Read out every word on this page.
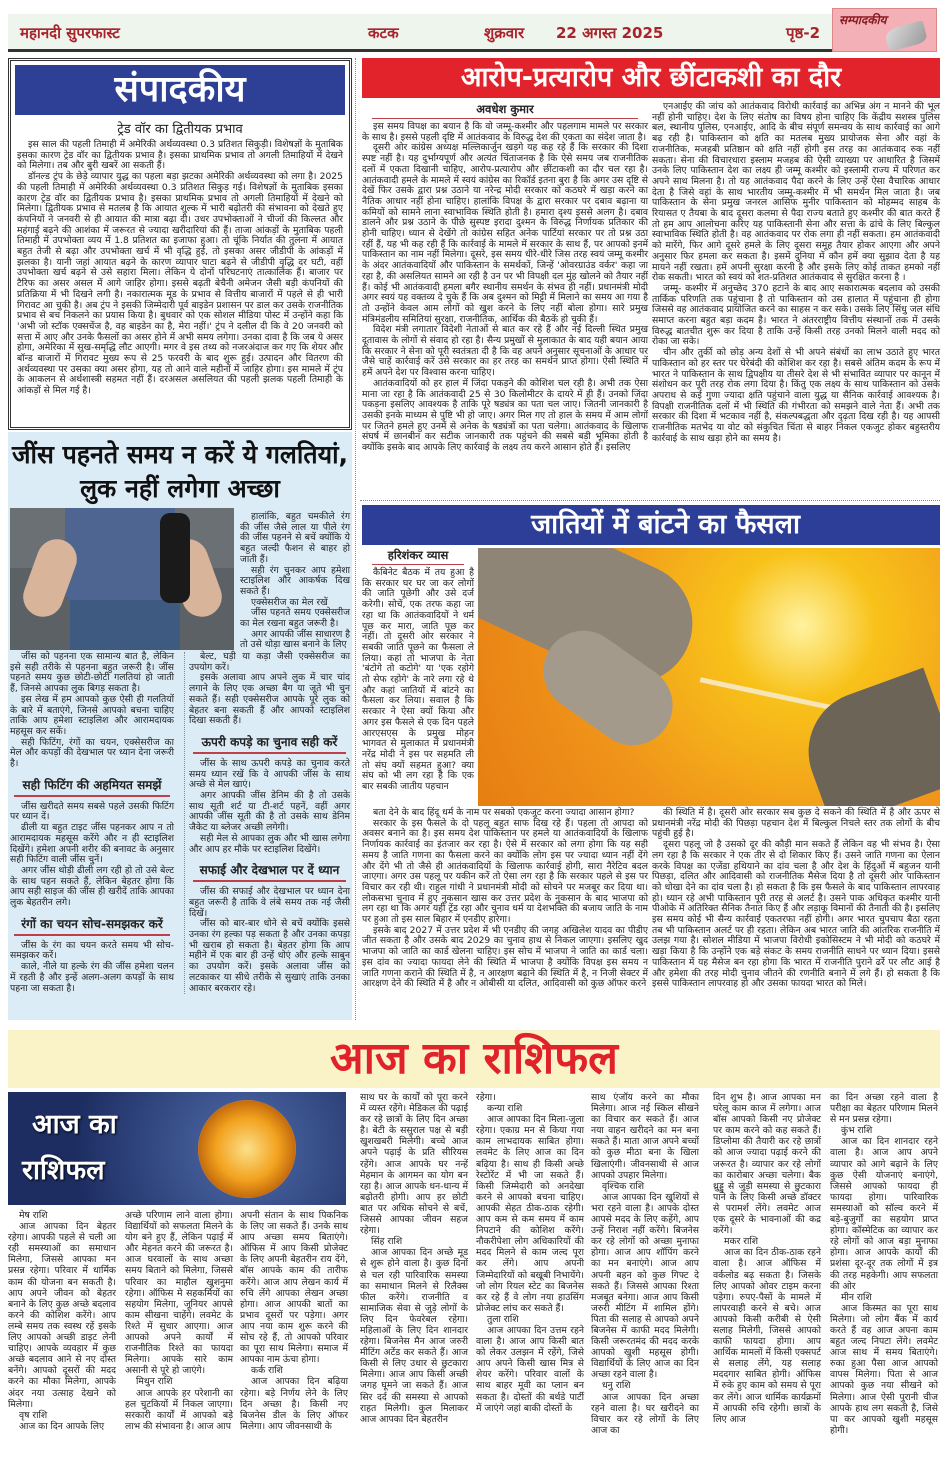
महानदी सुपरफास्ट	कटक	शुक्रवार 22 अगस्त 2025	पृष्ठ-2
सम्पादकीय
संपादकीय
ट्रेड वॉर का द्वितीयक प्रभाव

इस साल की पहली तिमाही में अमेरिकी अर्थव्यवस्था 0.3 प्रतिशत सिकुड़ी। विशेषज्ञों के मुताबिक इसका कारण ट्रेड वॉर का द्वितीयक प्रभाव है। इसका प्राथमिक प्रभाव तो अगली तिमाहियों में देखने को मिलेगा। तब और बुरी खबरें आ सकती हैं।

डॉनल्ड ट्रंप के छेड़े व्यापार युद्ध का पहला बड़ा झटका अमेरिकी अर्थव्यवस्था को लगा है। 2025 की पहली तिमाही में अमेरिकी अर्थव्यवस्था 0.3 प्रतिशत सिकुड़ गई। विशेषज्ञों के मुताबिक इसका कारण ट्रेड वॉर का द्वितीयक प्रभाव है। इसका प्राथमिक प्रभाव तो अगली तिमाहियों में देखने को मिलेगा। द्वितीयक प्रभाव से मतलब है कि आयात शुल्क में भारी बढ़ोतरी की संभावना को देखते हुए कंपनियों ने जनवरी से ही आयात की मात्रा बढ़ा दी। उधर उपभोक्ताओं ने चीजों की किल्लत और महंगाई बढ़ने की आशंका में जरूरत से ज्यादा खरीदारियां की हैं। ताजा आंकड़ों के मुताबिक पहली तिमाही में उपभोक्ता व्यय में 1.8 प्रतिशत का इजाफा हुआ। तो चूंकि निर्यात की तुलना में आयात बहुत तेजी से बढ़ा और उपभोक्ता खर्च में भी वृद्धि हुई, तो इसका असर जीडीपी के आंकड़ों में झलका है। यानी जहां आयात बढ़ने के कारण व्यापार घाटा बढ़ने से जीडीपी वृद्धि दर घटी, वहीं उपभोक्ता खर्च बढ़ने से उसे सहारा मिला। लेकिन ये दोनों परिघटनाएं तात्कालिक हैं। बाजार पर टैरिफ का असर असल में आगे जाहिर होगा। इससे बढ़ती बेचैनी अमेजन जैसी बड़ी कंपनियों की प्रतिक्रिया में भी दिखने लगी है। नकारात्मक मूड के प्रभाव से वित्तीय बाजारों में पहले से ही भारी गिरावट आ चुकी है। अब ट्रंप ने इसकी जिम्मेदारी पूर्व बाइडेन प्रशासन पर डाल कर उसके राजनीतिक प्रभाव से बच निकलने का प्रयास किया है। बुधवार को एक सोशल मीडिया पोस्ट में उन्होंने कहा कि 'अभी जो स्टॉक एक्सचेंज है, वह बाइडेन का है, मेरा नहीं।' ट्रंप ने दलील दी कि वे 20 जनवरी को सत्ता में आए और उनके फैसलों का असर होने में अभी समय लगेगा। उनका दावा है कि जब ये असर होगा, अमेरिका में सुख-समृद्धि लौट आएगी। मगर वे इस तथ्य को नजरअंदाज कर गए कि शेयर और बॉन्ड बाजारों में गिरावट मुख्य रूप से 25 फरवरी के बाद शुरू हुई। उत्पादन और वितरण की अर्थव्यवस्था पर उसका क्या असर होगा, यह तो आने वाले महीनों में जाहिर होगा। इस मामले में ट्रंप के आकलन से अर्थशास्त्री सहमत नहीं हैं। दरअसल असलियत की पहली झलक पहली तिमाही के आंकड़ों से मिल गई है।

जींस पहनते समय न करें ये गलतियां, लुक नहीं लगेगा अच्छा

हालांकि, बहुत चमकीले रंग की जींस जैसे लाल या पीले रंग की जींस पहनने से बचें क्योंकि ये बहुत जल्दी फैशन से बाहर हो जाती हैं।

सही रंग चुनकर आप हमेशा स्टाइलिश और आकर्षक दिख सकते हैं।

एक्सेसरीज का मेल रखें

जींस पहनते समय एक्सेसरीज का मेल रखना बहुत जरूरी है।

अगर आपकी जींस साधारण है तो उसे थोड़ा खास बनाने के लिए

जींस को पहनना एक सामान्य बात है, लेकिन इसे सही तरीके से पहनना बहुत जरूरी है। जींस पहनते समय कुछ छोटी-छोटी गलतियां हो जाती हैं, जिनसे आपका लुक बिगड़ सकता है।

इस लेख में हम आपको कुछ ऐसी ही गलतियों के बारे में बताएंगे, जिनसे आपको बचना चाहिए ताकि आप हमेशा स्टाइलिश और आरामदायक महसूस कर सकें।

सही फिटिंग, रंगों का चयन, एक्सेसरीज का मेल और कपड़ों की देखभाल पर ध्यान देना जरूरी है।

सही फिटिंग की अहमियत समझें

जींस खरीदते समय सबसे पहले उसकी फिटिंग पर ध्यान दें।

ढीली या बहुत टाइट जींस पहनकर आप न तो आरामदायक महसूस करेंगे और न ही स्टाइलिश दिखेंगे। हमेशा अपनी शरीर की बनावट के अनुसार सही फिटिंग वाली जींस चुनें।

अगर जींस थोड़ी ढीली लग रही हो तो उसे बेल्ट के साथ पहन सकते हैं, लेकिन बेहतर होगा कि आप सही साइज की जींस ही खरीदें ताकि आपका लुक बेहतरीन लगे।

रंगों का चयन सोच-समझकर करें

जींस के रंग का चयन करते समय भी सोच-समझकर करें।

काले, नीले या हल्के रंग की जींस हमेशा चलन में रहती है और इन्हें अलग-अलग कपड़ों के साथ पहना जा सकता है।

बेल्ट, घड़ी या कड़ा जैसी एक्सेसरीज का उपयोग करें।

इसके अलावा आप अपने लुक में चार चांद लगाने के लिए एक अच्छा बैग या जूते भी चुन सकते हैं। सही एक्सेसरीज आपके पूरे लुक को बेहतर बना सकती हैं और आपको स्टाइलिश दिखा सकती हैं।

ऊपरी कपड़े का चुनाव सही करें

जींस के साथ ऊपरी कपड़े का चुनाव करते समय ध्यान रखें कि वे आपकी जींस के साथ अच्छे से मेल खाएं।

अगर आपकी जींस डेनिम की है तो उसके साथ सूती शर्ट या टी-शर्ट पहनें, वहीं अगर आपकी जींस सूती की है तो उसके साथ डेनिम जैकेट या ब्लेजर अच्छी लगेगी।

सही मेल से आपका लुक और भी खास लगेगा और आप हर मौके पर स्टाइलिश दिखेंगे।

सफाई और देखभाल पर दें ध्यान

जींस की सफाई और देखभाल पर ध्यान देना बहुत जरूरी है ताकि वे लंबे समय तक नई जैसी दिखें।

जींस को बार-बार धोने से बचें क्योंकि इससे उनका रंग हल्का पड़ सकता है और उनका कपड़ा भी खराब हो सकता है। बेहतर होगा कि आप महीने में एक बार ही उन्हें धोएं और हल्के साबुन का उपयोग करें। इसके अलावा जींस को लटकाकर या सीधे तरीके से सुखाएं ताकि उनका आकार बरकरार रहे।

आरोप-प्रत्यारोप और छींटाकशी का दौर
अवधेश कुमार

इस समय विपक्ष का बयान है कि वो जम्मू-कश्मीर और पहलगाम मामले पर सरकार के साथ है। इससे पहली दृष्टि में आतंकवाद के विरुद्ध देश की एकता का संदेश जाता है।

दूसरी ओर कांग्रेस अध्यक्ष मल्लिकार्जुन खड़गे यह कह रहे हैं कि सरकार की दिशा स्पष्ट नहीं है। यह दुर्भाग्यपूर्ण और अत्यंत चिंताजनक है कि ऐसे समय जब राजनीतिक दलों में एकता दिखानी चाहिए, आरोप-प्रत्यारोप और छींटाकशी का दौर चल रहा है। आतंकवादी हमले के मामले में स्वयं कांग्रेस का रिकॉर्ड इतना बुरा है कि अगर उस दृष्टि से देखें फिर उसके द्वारा प्रश्न उठाने या नरेन्द्र मोदी सरकार को कठघरे में खड़ा करने का नैतिक आधार नहीं होना चाहिए। हालांकि विपक्ष के द्वारा सरकार पर दबाव बढ़ाना या कमियों को सामने लाना स्वाभाविक स्थिति होती है। हमारा दृश्य इससे अलग है। दबाव डालने और प्रश्न उठाने के पीछे सुस्पष्ट इरादा दुश्मन के विरुद्ध निर्णायक प्रतिकार की होनी चाहिए। ध्यान से देखेंगे तो कांग्रेस सहित अनेक पार्टियां सरकार पर तो प्रश्न उठा रहीं हैं, यह भी कह रही हैं कि कार्रवाई के मामले में सरकार के साथ हैं, पर आपको इनमें पाकिस्तान का नाम नहीं मिलेगा। दूसरे, इस समय धीरे-धीरे जिस तरह स्वयं जम्मू कश्मीर के अंदर आतंकवादियों और पाकिस्तान के समर्थकों, जिन्हें 'ओवरग्राउंड वर्कर' कहा जा रहा है, की असलियत सामने आ रही है उन पर भी विपक्षी दल मुंह खोलने को तैयार नहीं हैं। कोई भी आतंकवादी हमला बगैर स्थानीय समर्थन के संभव ही नहीं। प्रधानमंत्री मोदी अगर स्वयं यह वक्तव्य दे चुके हैं कि अब दुश्मन को मिट्टी में मिलाने का समय आ गया है तो उन्होंने केवल आम लोगों को खुश करने के लिए नहीं बोला होगा। सारे प्रमुख मंत्रिमंडलीय समितियां सुरक्षा, राजनीतिक, आर्थिक की बैठकें हो चुकी हैं।

विदेश मंत्री लगातार विदेशी नेताओं से बात कर रहे हैं और नई दिल्ली स्थित प्रमुख दूतावास के लोगों से संवाद हो रहा है। सैन्य प्रमुखों से मुलाकात के बाद यही बयान आया कि सरकार ने सेना को पूरी स्वतंत्रता दी है कि वह अपने अनुसार सूचनाओं के आधार पर जैसे चाहें कार्रवाई करें उसे सरकार का हर तरह का समर्थन प्राप्त होगा। ऐसी स्थिति में हमें अपने देश पर विश्वास करना चाहिए।

आतंकवादियों को हर हाल में जिंदा पकड़ने की कोशिश चल रही है। अभी तक ऐसा माना जा रहा है कि आतंकवादी 25 से 30 किलोमीटर के दायरे में ही हैं। उनको जिंदा पकड़ना इसलिए आवश्यक है ताकि पूरे षड्यंत्र का पता चल जाए। जितनी जानकारी है उसकी इनके माध्यम से पुष्टि भी हो जाए। अगर मिल गए तो हाल के समय में आम लोगों पर जितने हमले हुए उनमें से अनेक के षड्यंत्रों का पता चलेगा। आतंकवाद के खिलाफ संघर्ष में छानबीन कर सटीक जानकारी तक पहुंचने की सबसे बड़ी भूमिका होती है क्योंकि इसके बाद आपके लिए कार्रवाई के लक्ष्य तय करने आसान होते हैं। इसलिए

एनआईए की जांच को आतंकवाद विरोधी कार्रवाई का अभिन्न अंग न मानने की भूल नहीं होनी चाहिए। देश के लिए संतोष का विषय होना चाहिए कि केंद्रीय सशस्त्र पुलिस बल, स्थानीय पुलिस, एनआईए, आदि के बीच संपूर्ण समन्वय के साथ कार्रवाई का आगे बढ़ रही है। पाकिस्तान को क्षति का मतलब मुख्य प्रायोजक सेना और वहां के राजनीतिक, मजहबी प्रतिष्ठान को क्षति नहीं होगी इस तरह का आतंकवाद रुक नहीं सकता। सेना की विचारधारा इस्लाम मजहब की ऐसी व्याख्या पर आधारित है जिसमें उनके लिए पाकिस्तान देश का लक्ष्य ही जम्मू कश्मीर को इस्लामी राज्य में परिणत कर अपने साथ मिलना है। तो यह आतंकवाद पैदा करने के लिए उन्हें ऐसा वैचारिक आधार देता है जिसे वहां के साथ भारतीय जम्मू-कश्मीर में भी समर्थन मिल जाता है। जब पाकिस्तान के सेना प्रमुख जनरल आसिफ मुनीर पाकिस्तान को मोहम्मद साहब के रियासत ए तैयबा के बाद दूसरा कलमा से पैदा राज्य बताते हुए कश्मीर की बात करते हैं तो हम आप आलोचना करिए यह पाकिस्तानी सेना और सत्ता के ढांचे के लिए बिल्कुल स्वाभाविक स्थिति होती है। वह आतंकवाद पर रोक लगा ही नहीं सकता। हम आतंकवादी को मारेंगे, फिर आगे दूसरे हमले के लिए दूसरा समूह तैयार होकर आएगा और अपने अनुसार फिर हमला कर सकता है। इसमें दुनिया में कौन हमें क्या सुझाव देता है यह मायने नहीं रखता। हमें अपनी सुरक्षा करनी है और इसके लिए कोई ताकत हमको नहीं रोक सकती। भारत को स्वयं को शत-प्रतिशत आतंकवाद से सुरक्षित करना है ।

जम्मू- कश्मीर में अनुच्छेद 370 हटाने के बाद आए सकारात्मक बदलाव को उसकी तार्किक परिणति तक पहुंचाना है तो पाकिस्तान को उस हालात में पहुंचाना ही होगा जिससे वह आतंकवाद प्रायोजित करने का साहस न कर सके। उसके लिए सिंधु जल संधि समाप्त करना बहुत बड़ा कदम है। भारत ने अंतरराष्ट्रीय वित्तीय संस्थानों तक में उसके विरुद्ध बातचीत शुरू कर दिया है ताकि उन्हें किसी तरह उनको मिलने वाली मदद को रोका जा सके।

चीन और तुर्की को छोड़ अन्य देशों से भी अपने संबंधों का लाभ उठाते हुए भारत पाकिस्तान को हर स्तर पर घेरेबंदी की कोशिश कर रहा है। सबसे अंतिम कदम के रूप में भारत ने पाकिस्तान के साथ द्विपक्षीय या तीसरे देश से भी संभावित व्यापार पर कानून में संशोधन कर पूरी तरह रोक लगा दिया है। किंतु एक लक्ष्य के साथ पाकिस्तान को उसके अपराध से कई गुणा ज्यादा क्षति पहुंचाने वाला युद्ध या सैनिक कार्रवाई आवश्यक है। विपक्षी राजनीतिक दलों में भी स्थिति की गंभीरता को समझने वाले नेता हैं। अभी तक सरकार की दिशा में भटकाव नहीं है, संकल्पबद्धता और दृढ़ता दिख रही है। यह आपसी राजनीतिक मतभेद या वोट को संकुचित चिंता से बाहर निकल एकजुट होकर बहुस्तरीय कार्रवाई के साथ खड़ा होने का समय है।

जातियों में बांटने का फैसला
हरिशंकर व्यास

कैबिनेट बैठक में तय हुआ है कि सरकार घर घर जा कर लोगों की जाति पूछेगी और उसे दर्ज करेगी। सोचें, एक तरफ कहा जा रहा था कि आतंकवादियों ने धर्म पूछ कर मारा, जाति पूछ कर नहीं। तो दूसरी ओर सरकार ने सबकी जाति पूछने का फैसला ले लिया। कहां तो भाजपा के नेता 'बंटोगे तो कटोगे' या 'एक रहोगे तो सेफ रहोगे' के नारे लगा रहे थे और कहां जातियों में बांटने का फैसला कर लिया। सवाल है कि सरकार ने ऐसा क्यों किया और अगर इस फैसले से एक दिन पहले आरएसएस के प्रमुख मोहन भागवत से मुलाकात में प्रधानमंत्री नरेंद्र मोदी ने इस पर सहमति ली तो संघ क्यों सहमत हुआ? क्या संघ को भी लग रहा है कि एक बार सबकी जातीय पहचान

बता देने के बाद हिंदू धर्म के नाम पर सबको एकजुट करना ज्यादा आसान होगा?

सरकार के इस फैसले के दो पहलू बहुत साफ दिख रहे हैं। पहला तो आपदा को अवसर बनाने का है। इस समय देश पाकिस्तान पर हमले या आतंकवादियों के खिलाफ निर्णायक कार्रवाई का इंतजार कर रहा है। ऐसे में सरकार को लगा होगा कि यह सही समय है जाति गणना का फैसला करने का क्योंकि लोग इस पर ज्यादा ध्यान नहीं देंगे और देंगे भी तो जैसे ही आतंकवादियों के खिलाफ कार्रवाई होगी, सारा नैरेटिव बदल जाएगा। अगर उस पहलू पर यकीन करें तो ऐसा लग रहा है कि सरकार पहले से इस पर विचार कर रही थी। राहुल गांधी ने प्रधानमंत्री मोदी को सोचने पर मजबूर कर दिया था। लोकसभा चुनाव में हुए नुकसान खास कर उत्तर प्रदेश के नुकसान के बाद भाजपा को लग रहा था कि अगर यही ट्रेंड रहा और चुनाव धर्म या देशभक्ति की बजाय जाति के नाम पर हुआ तो इस साल बिहार में एनडीए हारेगा।

इसके बाद 2027 में उत्तर प्रदेश में भी एनडीए की जगह अखिलेश यादव का पीडीए जीत सकता है और उसके बाद 2029 का चुनाव हाथ से निकल जाएगा। इसलिए खुद भाजपा को जाति का कार्ड खेलना चाहिए। इस सोच में भाजपा ने जाति का कार्ड चला। इस दांव का ज्यादा फायदा लेने की स्थिति में भाजपा है क्योंकि विपक्ष इस समय न जाति गणना कराने की स्थिति में है, न आरक्षण बढ़ाने की स्थिति में है, न निजी सेक्टर में आरक्षण देने की स्थिति में है और न ओबीसी या दलित, आदिवासी को कुछ ऑफर करने

की स्थिति में है। दूसरी ओर सरकार सब कुछ दे सकने की स्थिति में है और ऊपर से प्रधानमंत्री नरेंद्र मोदी की पिछड़ा पहचान देश में बिल्कुल निचले स्तर तक लोगों के बीच पहुंची हुई है।

दूसरा पहलू जो है उसको दूर की कौड़ी मान सकते हैं लेकिन वह भी संभव है। ऐसा लग रहा है कि सरकार ने एक तीर से दो शिकार किए हैं। उसने जाति गणना का ऐलान करके विपक्ष का एजेंडा हथियाने का दांव चला है और देश के हिंदुओं में बहुजन यानी पिछड़ा, दलित और आदिवासी को राजनीतिक मैसेज दिया है तो दूसरी ओर पाकिस्तान को धोखा देने का दांव चला है। हो सकता है कि इस फैसले के बाद पाकिस्तान लापरवाह हो। ध्यान रहे अभी पाकिस्तान पूरी तरह से अलर्ट है। उसने पाक अधिकृत कश्मीर यानी पीओके में अतिरिक्त सैनिक तैनात किए हैं और लड़ाकू विमानों की तैनाती की है। इसलिए इस समय कोई भी सैन्य कार्रवाई एकतरफा नहीं होगी। अगर भारत चुपचाप बैठा रहता तब भी पाकिस्तान अलर्ट पर ही रहता। लेकिन अब भारत जाति की आंतरिक राजनीति में उलझ गया है। सोशल मीडिया में भाजपा विरोधी इकोसिस्टम ने भी मोदी को कठघरे में खड़ा किया है कि उन्होंने एक बड़े संकट के समय राजनीति साधने पर ध्यान दिया। इससे पाकिस्तान में यह मैसेज बन रहा होगा कि भारत में राजनीति पुराने ढर्रे पर लौट आई है और हमेशा की तरह मोदी चुनाव जीतने की रणनीति बनाने में लगे हैं। हो सकता है कि इससे पाकिस्तान लापरवाह हो और उसका फायदा भारत को मिले।

आज का राशिफल
आज का
राशिफल
मेष राशि

आज आपका दिन बेहतर रहेगा। आपकी पहले से चली आ रही समस्याओं का समाधान मिलेगा, जिससे आपका मन प्रसन्न रहेगा। परिवार में धार्मिक काम की योजना बन सकती है। आप अपने जीवन को बेहतर बनाने के लिए कुछ अच्छे बदलाव करने की कोशिश करेंगे। आप लम्बे समय तक स्वस्थ रहें इसके लिए आपको अच्छी डाइट लेनी चाहिए। आपके व्यवहार में कुछ अच्छे बदलाव आने से नए दोस्त बनेंगे। आपको दूसरों की मदद करने का मौका मिलेगा, आपके अंदर नया उत्साह देखने को मिलेगा।

वृष राशि

आज का दिन आपके लिए

अच्छे परिणाम लाने वाला होगा। विद्यार्थियों को सफलता मिलने के योग बने हुए हैं, लेकिन पढ़ाई में और मेहनत करने की जरूरत है। आज घरवालों के साथ अच्छा समय बिताने को मिलेगा, जिससे परिवार का माहौल खुशनुमा रहेगा। ऑफिस मे सहकर्मियों का सहयोग मिलेगा, जूनियर आपसे काम सीखना चाहेंगे। लवमेट के रिश्ते में सुधार आएगा। आज आपको अपने कार्यों में राजनीतिक रिश्ते का फायदा मिलेगा। आपके सारे काम असानी से पूरे हो जाएंगे।

मिथुन राशि

आज आपके हर परेशानी का हल चुटकियों में निकल जाएगा। सरकारी कार्यों में आपको बड़े लाभ की संभावना है। आज आप

अपनी संतान के साथ पिकनिक के लिए जा सकते हैं। उनके साथ आप अच्छा समय बिताएंगे। ऑफिस में आप किसी प्रोजेक्ट के लिए अपनी बेहतरीन राय देंगे, बॉस आपके काम की तारीफ करेंगे। आज आप लेखन कार्य में रुचि लेंगे आपका लेखन अच्छा होगा। आज आपकी बातों का प्रभाव दूसरों पर पड़ेगा। अगर आप नया काम शुरू करने की सोच रहे हैं, तो आपको परिवार का पूरा साथ मिलेगा। समाज में आपका नाम ऊंचा होगा।

कर्क राशि

आज आपका दिन बढ़िया रहेगा। बड़े निर्णय लेने के लिए दिन अच्छा है। किसी नए बिजनेस डील के लिए ऑफर मिलेगा। आप जीवनसाथी के

साथ घर के कार्यों को पूरा करने में व्यस्त रहेंगे। मेडिकल की पढ़ाई कर रहे छात्रों के लिए दिन अच्छा है। बेटी के ससुराल पक्ष से बड़ी खुशखबरी मिलेगी। बच्चे आज अपने पढ़ाई के प्रति सीरियस रहेंगे। आज आपके घर नन्हें मेहमान के आगमन का योग बन रहा है। आज आपके धन-धान्य में बढ़ोतरी होगी। आप हर छोटी बात पर अधिक सोचने से बचें, जिससे आपका जीवन सहज रहेगा।

सिंह राशि

आज आपका दिन अच्छे मूड से शुरू होने वाला है। कुछ दिनों से चल रही पारिवारिक समस्या का समाधान मिलने से रिलैक्स फील करेंगे। राजनीति व सामाजिक सेवा से जुड़े लोगों के लिए दिन फेवरेबल रहेगा। महिलाओं के लिए दिन शानदार रहेगा। बिजनेस मैन आज जरुरी मीटिंग अटेंड कर सकते हैं। आज किसी से लिए उधार से छुटकारा मिलेगा। आज आप किसी अच्छी जगह घूमने जा सकते हैं। आज सिर दर्द की समस्या से आपको राहत मिलेगी। कुल मिलाकर आज आपका दिन बेहतरीन

रहेगा।

कन्या राशि

आज आपका दिन मिला-जुला रहेगा। एकाग्र मन से किया गया काम लाभदायक साबित होगा। लवमेट के लिए आज का दिन बढ़िया है। साथ ही किसी अच्छे रेस्टोरेंट में भी जा सकते हैं। किसी जिम्मेदारी को अनदेखा करने से आपको बचना चाहिए। आपकी सेहत ठीक-ठाक रहेगी। आप कम से कम समय में काम निपटाने की कोशिश करेंगे। नौकरीपेशा लोग अधिकारियों की मदद मिलने से काम जल्द पूरा कर लेंगे। आप अपनी जिम्मेदारियों को बखूबी निभायेंगे। जो लोग रियल स्टेट का बिजनेस कर रहे हैं वे लोग नया हाउसिंग प्रोजेक्ट लांच कर सकते हैं।

तुला राशि

आज आपका दिन उत्तम रहने वाला है। आज आप किसी बात को लेकर उलझन में रहेंगे, जिसे आप अपने किसी खास मित्र से शेयर करेंगे। परिवार वालों के साथ बाहर मूवी का प्लान बन सकता है। दोस्तों की बर्थडे पार्टी में जाएंगे जहां बाकी दोस्तों के

साथ एंजॉय करने का मौका मिलेगा। आज नई स्किल सीखने का विचार कर सकते हैं। आज नया वाहन खरीदने का मन बना सकते हैं। माता आज अपने बच्चों को कुछ मीठा बना के खिला खिलाएंगी। जीवनसाथी से आज आपको उपहार मिलेगा।

वृश्चिक राशि

आज आपका दिन खुशियों से भरा रहने वाला है। आपके दोस्त आपसे मदद के लिए कहेंगे, आप उन्हें निराश नहीं करेंगे। बिजनेस कर रहे लोगों को अच्छा मुनाफा होगा। आज आप शॉपिंग करने का मन बनाएंगे। आज आप अपनी बहन को कुछ गिफ्ट दे सकते हैं। जिससे आपका रिश्ता मजबूत बनेगा। आज आप किसी जरुरी मीटिंग में शामिल होंगे। पिता की सलाह से आपको अपने बिजनेस में काफी मदद मिलेगी। किसी जरूरतमंद की मदद करके आपको खुशी महसूस होगी। विद्यार्थियों के लिए आज का दिन अच्छा रहने वाला है।

धनु राशि

आज आपका दिन अच्छा रहने वाला है। घर खरीदने का विचार कर रहे लोगों के लिए आज का

दिन शुभ है। आज आपका मन घरेलू काम काज में लगेगा। आज बॉस आपको किसी नए प्रोजेक्ट पर काम करने को कह सकते हैं। डिप्लोमा की तैयारी कर रहे छात्रों को आज ज्यादा पढ़ाई करने की जरूरत है। व्यापार कर रहे लोगों का कारोबार अच्छा चलेगा। बैक थ्रुड्डु से जुड़ी समस्या से छुटकारा पाने के लिए किसी अच्छे डॉक्टर से परामर्श लेंगे। लवमेट आज एक दूसरे के भावनाओं की कद्र करेंगे।

मकर राशि

आज का दिन ठीक-ठाक रहने वाला है। आज ऑफिस में वर्कलोड बढ़ सकता है। जिसके लिए आपको ओवर टाइम करना पड़ेगा। रुपए-पैसों के मामले में लापरवाही करने से बचे। आज आपको किसी करीबी से ऐसी सलाह मिलेगी, जिससे आपको काफी फायदा होगा। आप आर्थिक मामलों में किसी एक्सपर्ट से सलाह लेंगे, यह सलाह मददगार साबित होगी। ऑफिस में रुके हुए काम को समय से पूरा कर लेंगे। आज धार्मिक कार्यक्रमों में आपकी रुचि रहेगी। छात्रों के लिए आज

का दिन अच्छा रहने वाला है परीक्षा का बेहतर परिणाम मिलने से मन प्रसन्न रहेगा।

कुंभ राशि

आज का दिन शानदार रहने वाला है। आज आप अपने व्यापार को आगे बढ़ाने के लिए कुछ ऐसी योजनाएं बनाएंगे, जिससे आपको फायदा ही फायदा होगा। पारिवारिक समस्याओं को सॉल्व करने में बड़े-बुजुर्गों का सहयोग प्राप्त होगा। कॉस्मेटिक का व्यापार कर रहे लोगों को आज बड़ा मुनाफा होगा। आज आपके कार्यों की प्रशंसा दूर-दूर तक लोगों में इत्र की तरह महकेगी। आप सफलता की ओर

मीन राशि

आज किस्मत का पूरा साथ मिलेगा। जो लोग बैंक में कार्य करते हैं वह आज अपना काम बहुत जल्द निपटा लेंगे। लवमेट आज साथ में समय बिताएंगे। रुका हुआ पैसा आज आपको वापस मिलेगा। पिता से आज आपको कुछ नया सीखने को मिलेगा। आज ऐसी पुरानी चीज आपके हाथ लग सकती है, जिसे पा कर आपको खुशी महसूस होगी।
